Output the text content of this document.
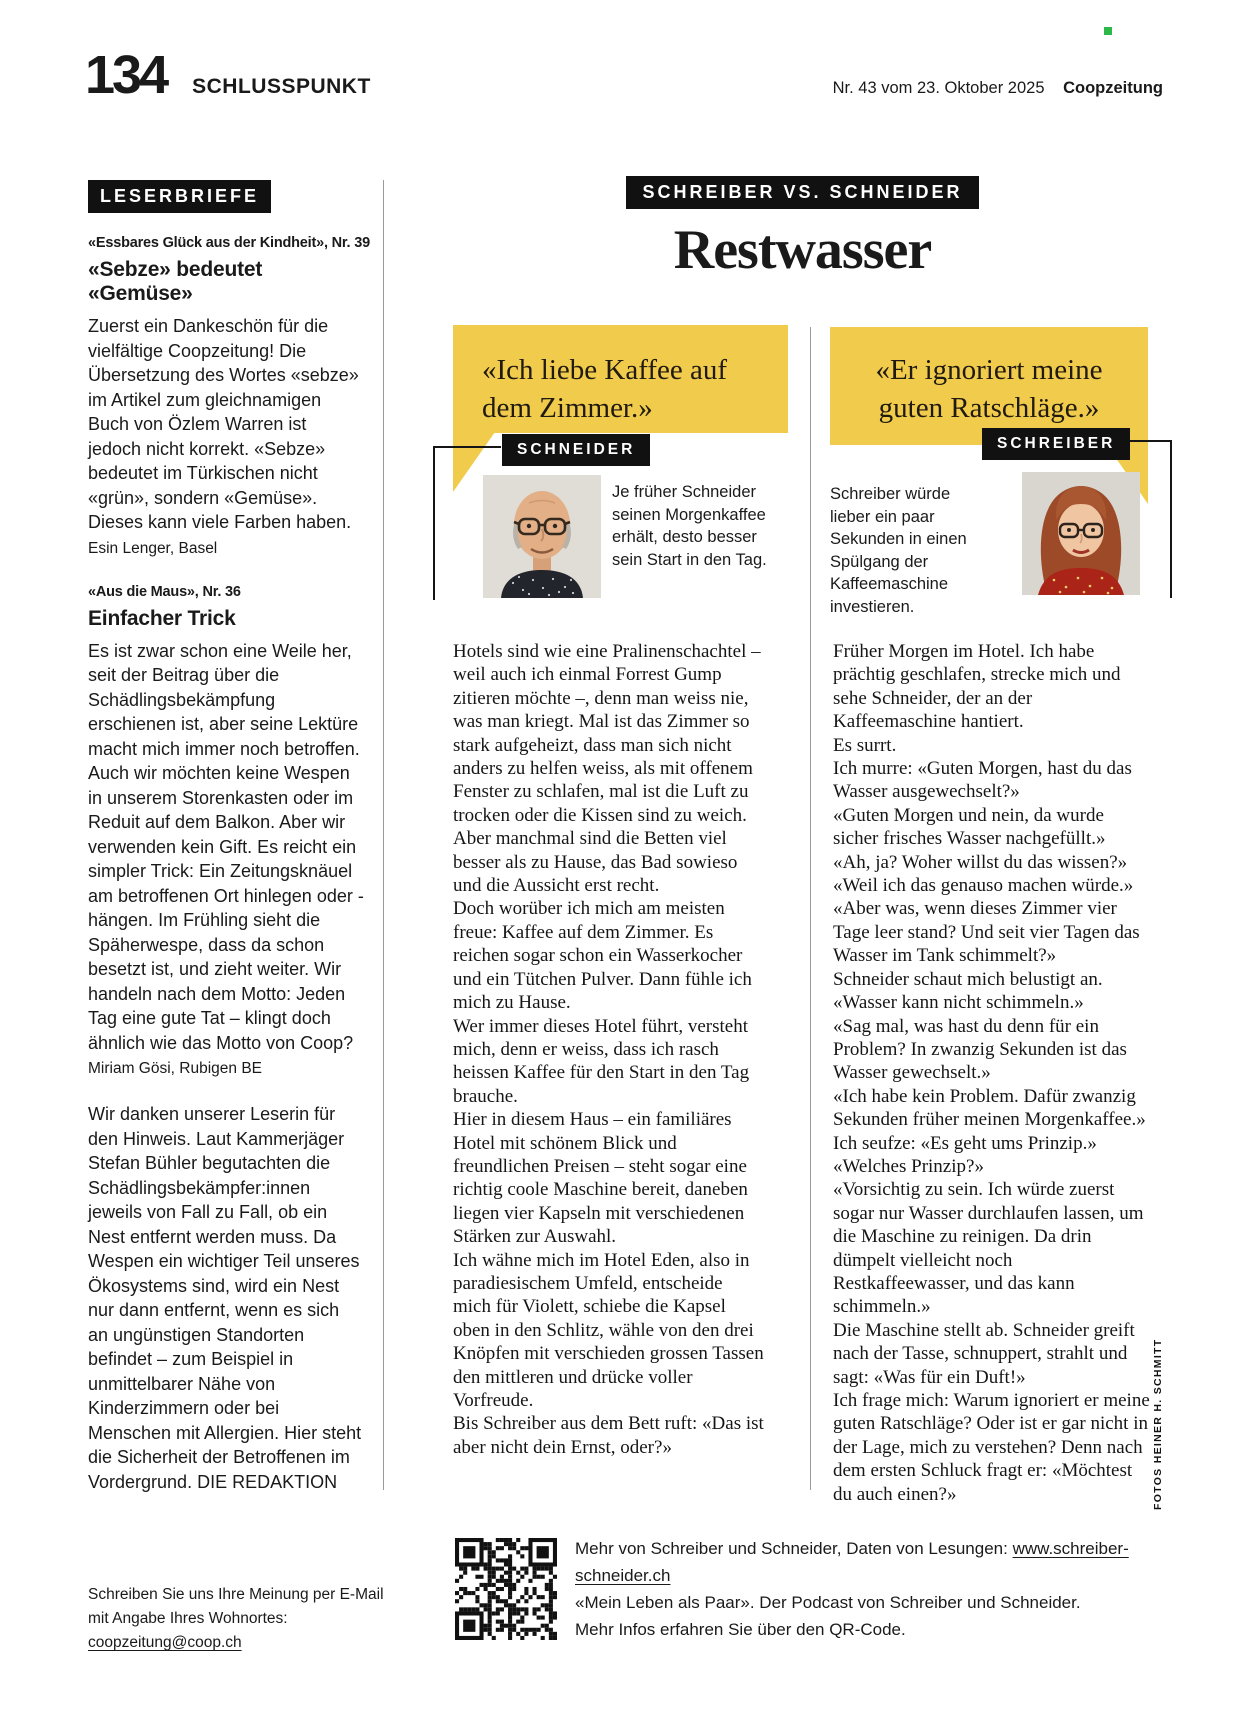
134 SCHLUSSPUNKT	Nr. 43 vom 23. Oktober 2025 Coopzeitung
LESERBRIEFE
«Essbares Glück aus der Kindheit», Nr. 39
«Sebze» bedeutet «Gemüse»
Zuerst ein Dankeschön für die vielfältige Coopzeitung! Die Übersetzung des Wortes «sebze» im Artikel zum gleichnamigen Buch von Özlem Warren ist jedoch nicht korrekt. «Sebze» bedeutet im Türkischen nicht «grün», sondern «Gemüse». Dieses kann viele Farben haben.
Esin Lenger, Basel
«Aus die Maus», Nr. 36
Einfacher Trick
Es ist zwar schon eine Weile her, seit der Beitrag über die Schädlingsbekämpfung erschienen ist, aber seine Lektüre macht mich immer noch betroffen. Auch wir möchten keine Wespen in unserem Storenkasten oder im Reduit auf dem Balkon. Aber wir verwenden kein Gift. Es reicht ein simpler Trick: Ein Zeitungsknäuel am betroffenen Ort hinlegen oder -hängen. Im Frühling sieht die Späherwespe, dass da schon besetzt ist, und zieht weiter. Wir handeln nach dem Motto: Jeden Tag eine gute Tat – klingt doch ähnlich wie das Motto von Coop?
Miriam Gösi, Rubigen BE
Wir danken unserer Leserin für den Hinweis. Laut Kammerjäger Stefan Bühler begutachten die Schädlingsbekämpfer:innen jeweils von Fall zu Fall, ob ein Nest entfernt werden muss. Da Wespen ein wichtiger Teil unseres Ökosystems sind, wird ein Nest nur dann entfernt, wenn es sich an ungünstigen Standorten befindet – zum Beispiel in unmittelbarer Nähe von Kinderzimmern oder bei Menschen mit Allergien. Hier steht die Sicherheit der Betroffenen im Vordergrund. DIE REDAKTION
Schreiben Sie uns Ihre Meinung per E-Mail
mit Angabe Ihres Wohnortes:
coopzeitung@coop.ch
SCHREIBER VS. SCHNEIDER
Restwasser
«Ich liebe Kaffee auf dem Zimmer.»
SCHNEIDER
Je früher Schneider seinen Morgenkaffee erhält, desto besser sein Start in den Tag.
«Er ignoriert meine guten Ratschläge.»
SCHREIBER
Schreiber würde lieber ein paar Sekunden in einen Spülgang der Kaffeemaschine investieren.

Hotels sind wie eine Pralinenschachtel – weil auch ich einmal Forrest Gump zitieren möchte –, denn man weiss nie, was man kriegt. Mal ist das Zimmer so stark aufgeheizt, dass man sich nicht anders zu helfen weiss, als mit offenem Fenster zu schlafen, mal ist die Luft zu trocken oder die Kissen sind zu weich.

Aber manchmal sind die Betten viel besser als zu Hause, das Bad sowieso und die Aussicht erst recht.

Doch worüber ich mich am meisten freue: Kaffee auf dem Zimmer. Es reichen sogar schon ein Wasserkocher und ein Tütchen Pulver. Dann fühle ich mich zu Hause.

Wer immer dieses Hotel führt, versteht mich, denn er weiss, dass ich rasch heissen Kaffee für den Start in den Tag brauche.

Hier in diesem Haus – ein familiäres Hotel mit schönem Blick und freundlichen Preisen – steht sogar eine richtig coole Maschine bereit, daneben liegen vier Kapseln mit verschiedenen Stärken zur Auswahl.

Ich wähne mich im Hotel Eden, also in paradiesischem Umfeld, entscheide mich für Violett, schiebe die Kapsel oben in den Schlitz, wähle von den drei Knöpfen mit verschieden grossen Tassen den mittleren und drücke voller Vorfreude.

Bis Schreiber aus dem Bett ruft: «Das ist aber nicht dein Ernst, oder?»

Früher Morgen im Hotel. Ich habe prächtig geschlafen, strecke mich und sehe Schneider, der an der Kaffeemaschine hantiert.

Es surrt.

Ich murre: «Guten Morgen, hast du das Wasser ausgewechselt?»

«Guten Morgen und nein, da wurde sicher frisches Wasser nachgefüllt.»

«Ah, ja? Woher willst du das wissen?»

«Weil ich das genauso machen würde.»

«Aber was, wenn dieses Zimmer vier Tage leer stand? Und seit vier Tagen das Wasser im Tank schimmelt?»

Schneider schaut mich belustigt an.

«Wasser kann nicht schimmeln.»

«Sag mal, was hast du denn für ein Problem? In zwanzig Sekunden ist das Wasser gewechselt.»

«Ich habe kein Problem. Dafür zwanzig Sekunden früher meinen Morgenkaffee.»

Ich seufze: «Es geht ums Prinzip.»

«Welches Prinzip?»

«Vorsichtig zu sein. Ich würde zuerst sogar nur Wasser durchlaufen lassen, um die Maschine zu reinigen. Da drin dümpelt vielleicht noch Restkaffeewasser, und das kann schimmeln.»

Die Maschine stellt ab. Schneider greift nach der Tasse, schnuppert, strahlt und sagt: «Was für ein Duft!»

Ich frage mich: Warum ignoriert er meine guten Ratschläge? Oder ist er gar nicht in der Lage, mich zu verstehen? Denn nach dem ersten Schluck fragt er: «Möchtest du auch einen?»

Mehr von Schreiber und Schneider, Daten von Lesungen: www.schreiber-schneider.ch
«Mein Leben als Paar». Der Podcast von Schreiber und Schneider.
Mehr Infos erfahren Sie über den QR-Code.
FOTOS HEINER H. SCHMITT
